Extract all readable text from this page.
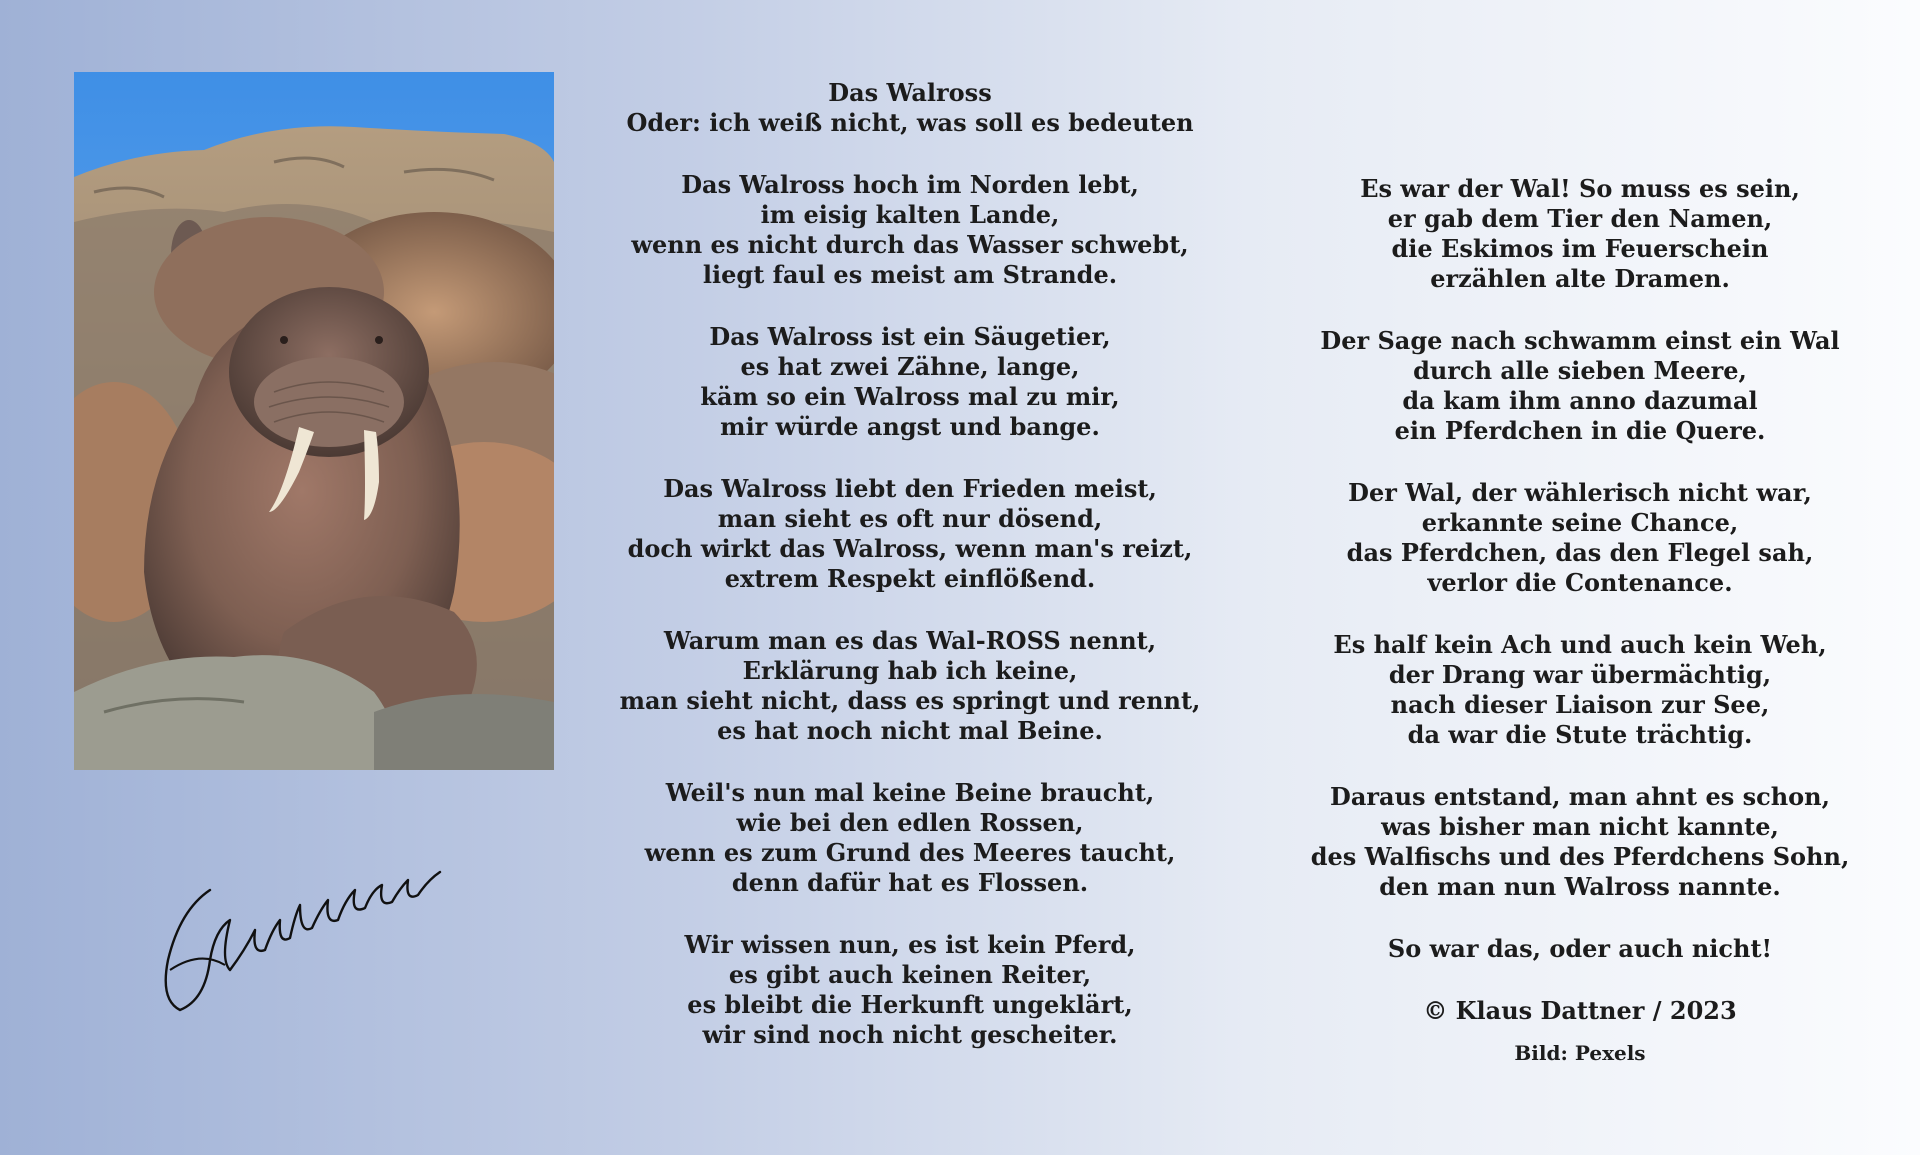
Das Walross
Oder: ich weiß nicht, was soll es bedeuten
Das Walross hoch im Norden lebt,
im eisig kalten Lande,
wenn es nicht durch das Wasser schwebt,
liegt faul es meist am Strande.
Das Walross ist ein Säugetier,
es hat zwei Zähne, lange,
käm so ein Walross mal zu mir,
mir würde angst und bange.
Das Walross liebt den Frieden meist,
man sieht es oft nur dösend,
doch wirkt das Walross, wenn man's reizt,
extrem Respekt einflößend.
Warum man es das Wal-ROSS nennt,
Erklärung hab ich keine,
man sieht nicht, dass es springt und rennt,
es hat noch nicht mal Beine.
Weil's nun mal keine Beine braucht,
wie bei den edlen Rossen,
wenn es zum Grund des Meeres taucht,
denn dafür hat es Flossen.
Wir wissen nun, es ist kein Pferd,
es gibt auch keinen Reiter,
es bleibt die Herkunft ungeklärt,
wir sind noch nicht gescheiter.
Es war der Wal! So muss es sein,
er gab dem Tier den Namen,
die Eskimos im Feuerschein
erzählen alte Dramen.
Der Sage nach schwamm einst ein Wal
durch alle sieben Meere,
da kam ihm anno dazumal
ein Pferdchen in die Quere.
Der Wal, der wählerisch nicht war,
erkannte seine Chance,
das Pferdchen, das den Flegel sah,
verlor die Contenance.
Es half kein Ach und auch kein Weh,
der Drang war übermächtig,
nach dieser Liaison zur See,
da war die Stute trächtig.
Daraus entstand, man ahnt es schon,
was bisher man nicht kannte,
des Walfischs und des Pferdchens Sohn,
den man nun Walross nannte.
So war das, oder auch nicht!
© Klaus Dattner / 2023
Bild: Pexels
